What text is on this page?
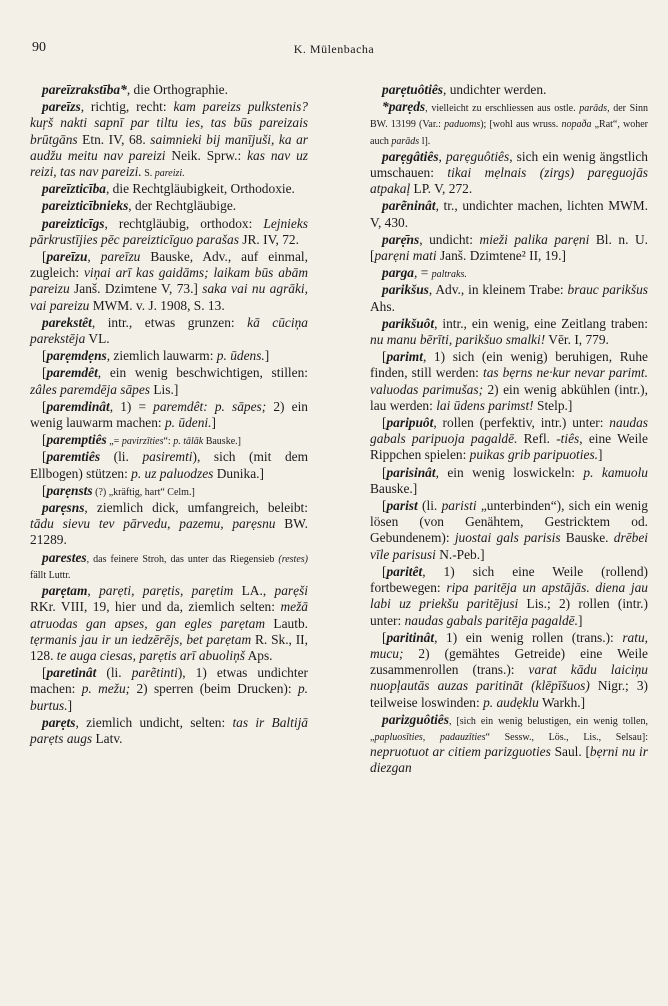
90	K. Mülenbacha

pareīzrakstība*, die Orthographie.

pareīzs, richtig, recht: kam pareizs pulkstenis? kuŗš nakti sapnī par tiltu ies, tas būs pareizais brūtgāns Etn. IV, 68. saimnieki bij manījuši, ka ar audžu meitu nav pareizi Neik. Sprw.: kas nav uz reizi, tas nav pareizi. S. pareizi.

pareīzticība, die Rechtgläubigkeit, Orthodoxie.

pareizticībnieks, der Rechtgläubige.

pareizticīgs, rechtgläubig, orthodox: Lejnieks pārkrustījies pēc pareizticīguo parašas JR. IV, 72.

[pareīzu, pareīzu Bauske, Adv., auf einmal, zugleich: viņai arī kas gaidāms; laikam būs abām pareizu Janš. Dzimtene V, 73.] saka vai nu agrāki, vai pareizu MWM. v. J. 1908, S. 13.

parekstêt, intr., etwas grunzen: kā cūciņa parekstēja VL.

[parẹmdẹns, ziemlich lauwarm: p. ūdens.]

[paremdêt, ein wenig beschwichtigen, stillen: zâles paremdēja sāpes Lis.]

[paremdinât, 1) = paremdêt: p. sāpes; 2) ein wenig lauwarm machen: p. ūdeni.]

[paremptiês „= pavirzīties“: p. tālāk Bauske.]

[paremtiês (li. pasiremti), sich (mit dem Ellbogen) stützen: p. uz paluodzes Dunika.]

[parẹnsts (?) „kräftig, hart“ Celm.]

parẹsns, ziemlich dick, umfangreich, beleibt: tādu sievu tev pārvedu, pazemu, parẹsnu BW. 21289.

parestes, das feinere Stroh, das unter das Riegensieb (restes) fällt Luttr.

parẹtam, parẹti, parẹtis, parẹtim LA., parẹši RKr. VIII, 19, hier und da, ziemlich selten: mežā atruodas gan apses, gan egles parẹtam Lautb. tẹrmanis jau ir un iedzērējs, bet parẹtam R. Sk., II, 128. te auga ciesas, parẹtis arī abuoliņš Aps.

[paretinât (li. parẽtinti), 1) etwas undichter machen: p. mežu; 2) sperren (beim Drucken): p. burtus.]

parẹts, ziemlich undicht, selten: tas ir Baltijā parẹts augs Latv.

parẹtuôtiês, undichter werden.

*parẹds, vielleicht zu erschliessen aus ostle. parāds, der Sinn BW. 13199 (Var.: paduoms); [wohl aus wruss. nopaða „Rat“, woher auch parāds l].

parẹgâtiês, parẹguôtiês, sich ein wenig ängstlich umschauen: tikai mẹlnais (zirgs) parẹguojās atpakaļ LP. V, 272.

parẽninât, tr., undichter machen, lichten MWM. V, 430.

parẹ̄ns, undicht: mieži palika parẹni Bl. n. U. [parẹni mati Janš. Dzimtene² II, 19.]

parga, = paltraks.

parikšus, Adv., in kleinem Trabe: brauc parikšus Ahs.

parikšuôt, intr., ein wenig, eine Zeitlang traben: nu manu bērīti, parikšuo smalki! Vēr. I, 779.

[parimt, 1) sich (ein wenig) beruhigen, Ruhe finden, still werden: tas bẹrns ne·kur nevar parimt. valuodas parimušas; 2) ein wenig abkühlen (intr.), lau werden: lai ūdens parimst! Stelp.]

[paripuôt, rollen (perfektiv, intr.) unter: naudas gabals paripuoja pagaldē. Refl. -tiês, eine Weile Rippchen spielen: puikas grib paripuoties.]

[parisinât, ein wenig loswickeln: p. kamuolu Bauske.]

[parist (li. paristi „unterbinden“), sich ein wenig lösen (von Genähtem, Gestricktem od. Gebundenem): juostai gals parisis Bauske. drēbei vīle parisusi N.-Peb.]

[paritêt, 1) sich eine Weile (rollend) fortbewegen: ripa paritēja un apstājās. diena jau labi uz priekšu paritējusi Lis.; 2) rollen (intr.) unter: naudas gabals paritēja pagaldē.]

[paritinât, 1) ein wenig rollen (trans.): ratu, mucu; 2) (gemähtes Getreide) eine Weile zusammenrollen (trans.): varat kādu laiciņu nuopļautās auzas paritināt (klēpīšuos) Nigr.; 3) teilweise loswinden: p. audẹklu Warkh.]

parizguôtiês, [sich ein wenig belustigen, ein wenig tollen, „papluosīties, padauzīties“ Sessw., Lös., Lis., Selsau]: nepruotuot ar citiem parizguoties Saul. [bẹrni nu ir diezgan
